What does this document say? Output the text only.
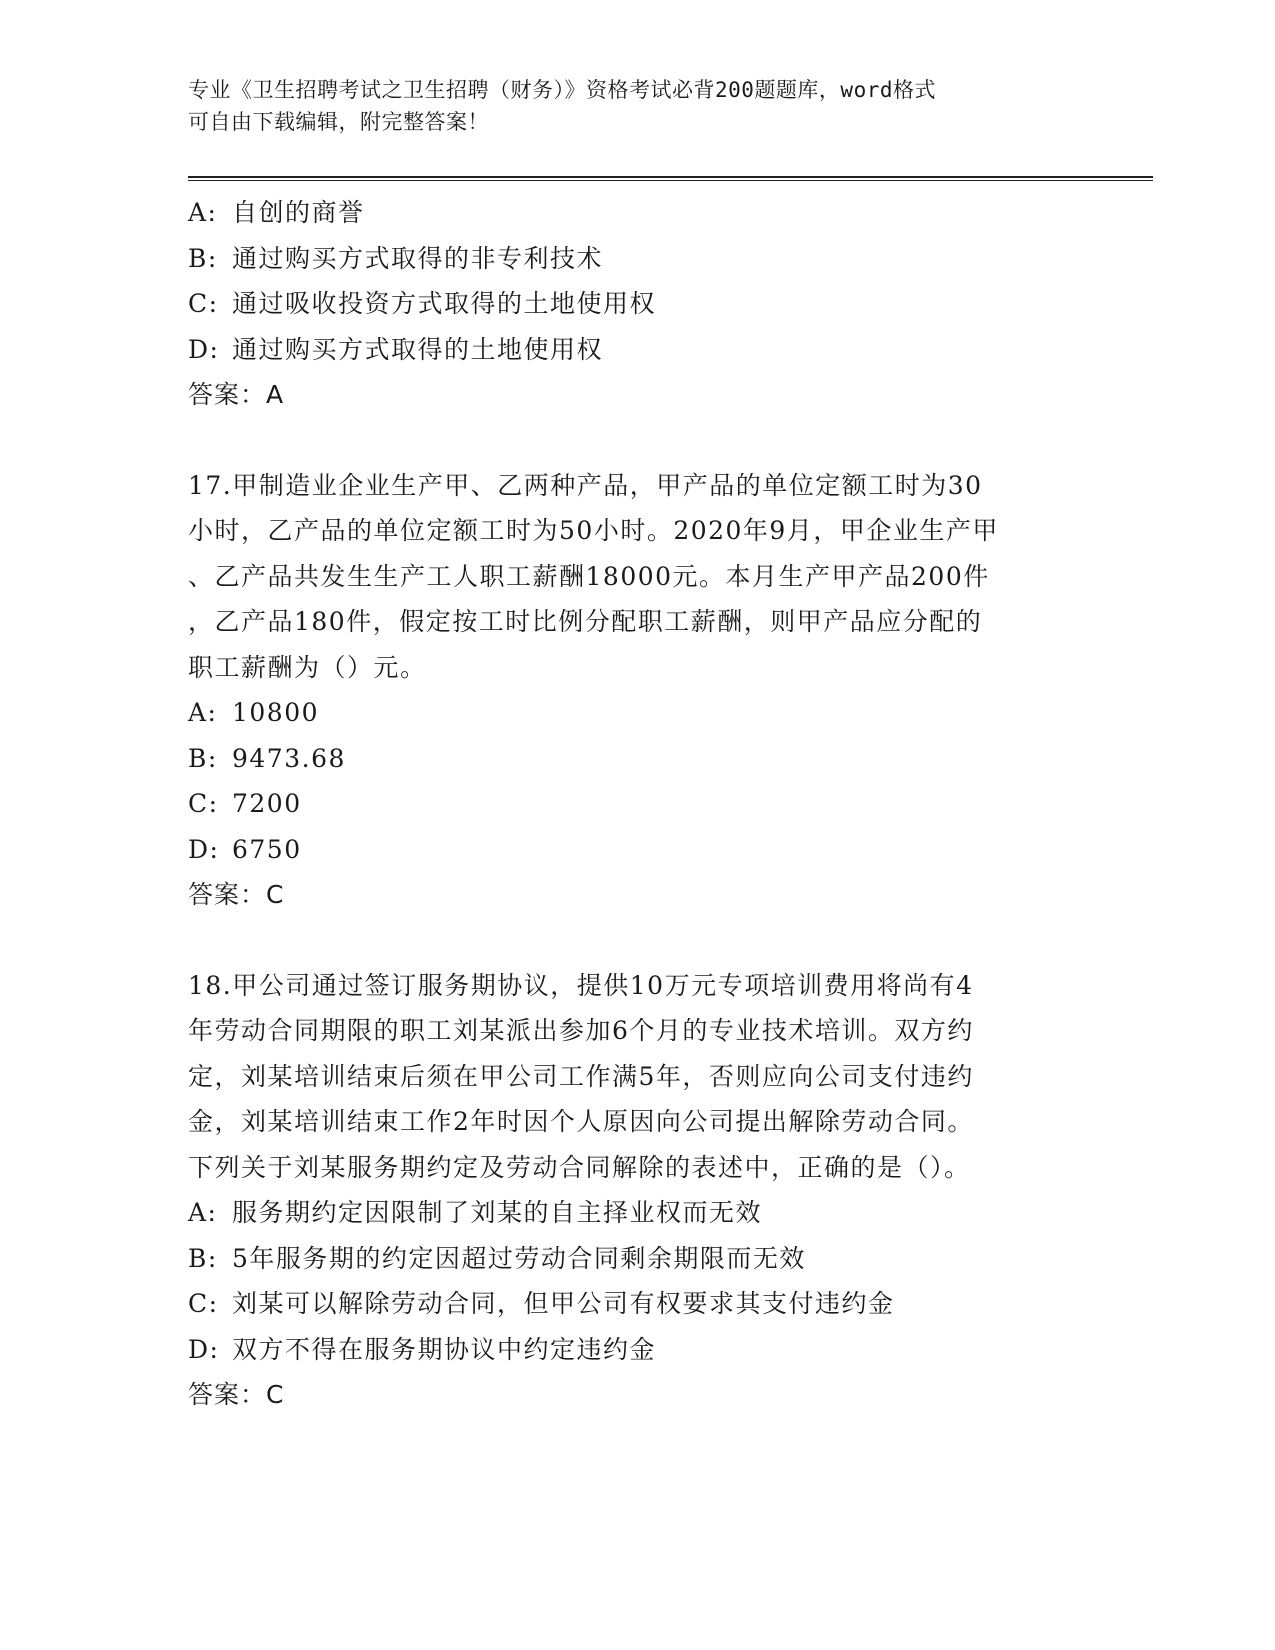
专业《卫生招聘考试之卫生招聘（财务）》资格考试必背200题题库，word格式
可自由下载编辑，附完整答案！
A: 自创的商誉
B: 通过购买方式取得的非专利技术
C: 通过吸收投资方式取得的土地使用权
D: 通过购买方式取得的土地使用权
答案：A
17.甲制造业企业生产甲、乙两种产品，甲产品的单位定额工时为30
小时，乙产品的单位定额工时为50小时。2020年9月，甲企业生产甲
、乙产品共发生生产工人职工薪酬18000元。本月生产甲产品200件
，乙产品180件，假定按工时比例分配职工薪酬，则甲产品应分配的
职工薪酬为（）元。
A: 10800
B: 9473.68
C: 7200
D: 6750
答案：C
18.甲公司通过签订服务期协议，提供10万元专项培训费用将尚有4
年劳动合同期限的职工刘某派出参加6个月的专业技术培训。双方约
定，刘某培训结束后须在甲公司工作满5年，否则应向公司支付违约
金，刘某培训结束工作2年时因个人原因向公司提出解除劳动合同。
下列关于刘某服务期约定及劳动合同解除的表述中，正确的是（）。
A: 服务期约定因限制了刘某的自主择业权而无效
B: 5年服务期的约定因超过劳动合同剩余期限而无效
C: 刘某可以解除劳动合同，但甲公司有权要求其支付违约金
D: 双方不得在服务期协议中约定违约金
答案：C
